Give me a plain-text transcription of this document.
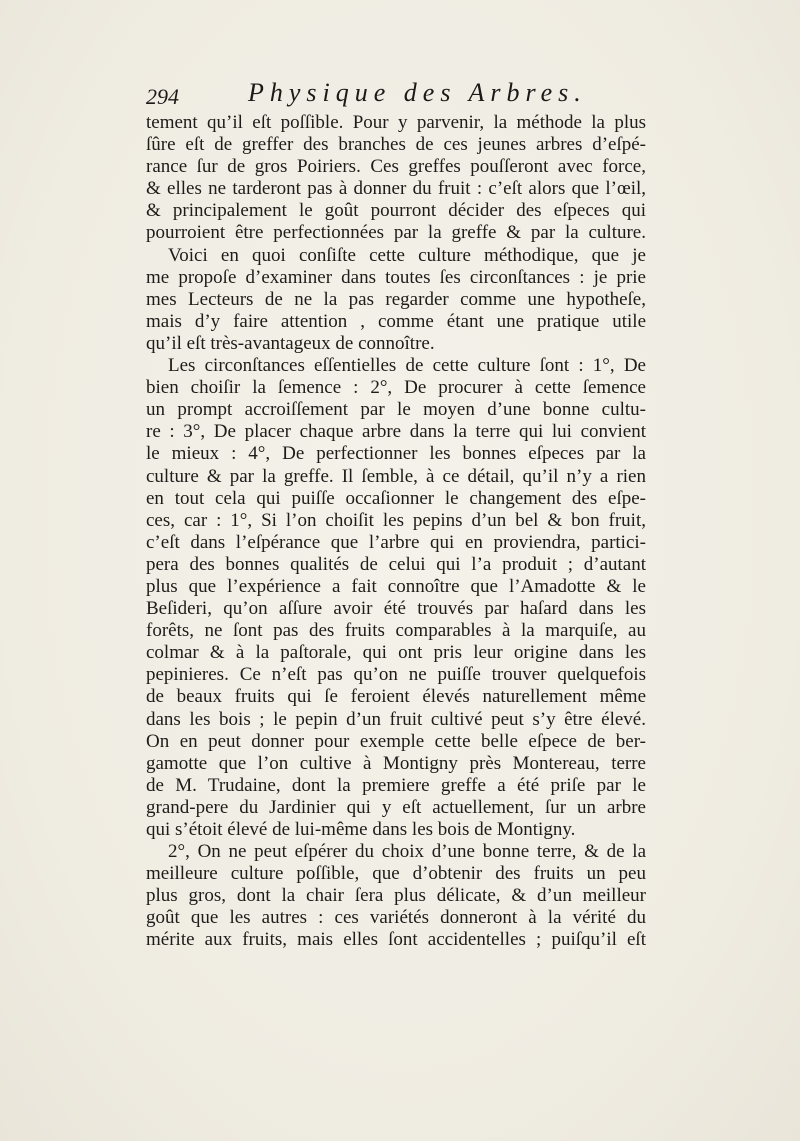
294	Physique des Arbres.
tement qu’il eſt poſſible. Pour y parvenir, la méthode la plus
ſûre eſt de greffer des branches de ces jeunes arbres d’eſpé-
rance ſur de gros Poiriers. Ces greffes pouſſeront avec force,
& elles ne tarderont pas à donner du fruit : c’eſt alors que l’œil,
& principalement le goût pourront décider des eſpeces qui
pourroient être perfectionnées par la greffe & par la culture.
Voici en quoi conſiſte cette culture méthodique, que je
me propoſe d’examiner dans toutes ſes circonſtances : je prie
mes Lecteurs de ne la pas regarder comme une hypotheſe,
mais d’y faire attention , comme étant une pratique utile
qu’il eſt très-avantageux de connoître.
Les circonſtances eſſentielles de cette culture ſont : 1°, De
bien choiſir la ſemence : 2°, De procurer à cette ſemence
un prompt accroiſſement par le moyen d’une bonne cultu-
re : 3°, De placer chaque arbre dans la terre qui lui convient
le mieux : 4°, De perfectionner les bonnes eſpeces par la
culture & par la greffe. Il ſemble, à ce détail, qu’il n’y a rien
en tout cela qui puiſſe occaſionner le changement des eſpe-
ces, car : 1°, Si l’on choiſit les pepins d’un bel & bon fruit,
c’eſt dans l’eſpérance que l’arbre qui en proviendra, partici-
pera des bonnes qualités de celui qui l’a produit ; d’autant
plus que l’expérience a fait connoître que l’Amadotte & le
Beſideri, qu’on aſſure avoir été trouvés par haſard dans les
forêts, ne ſont pas des fruits comparables à la marquiſe, au
colmar & à la paſtorale, qui ont pris leur origine dans les
pepinieres. Ce n’eſt pas qu’on ne puiſſe trouver quelquefois
de beaux fruits qui ſe feroient élevés naturellement même
dans les bois ; le pepin d’un fruit cultivé peut s’y être élevé.
On en peut donner pour exemple cette belle eſpece de ber-
gamotte que l’on cultive à Montigny près Montereau, terre
de M. Trudaine, dont la premiere greffe a été priſe par le
grand-pere du Jardinier qui y eſt actuellement, ſur un arbre
qui s’étoit élevé de lui-même dans les bois de Montigny.
2°, On ne peut eſpérer du choix d’une bonne terre, & de la
meilleure culture poſſible, que d’obtenir des fruits un peu
plus gros, dont la chair ſera plus délicate, & d’un meilleur
goût que les autres : ces variétés donneront à la vérité du
mérite aux fruits, mais elles ſont accidentelles ; puiſqu’il eſt
